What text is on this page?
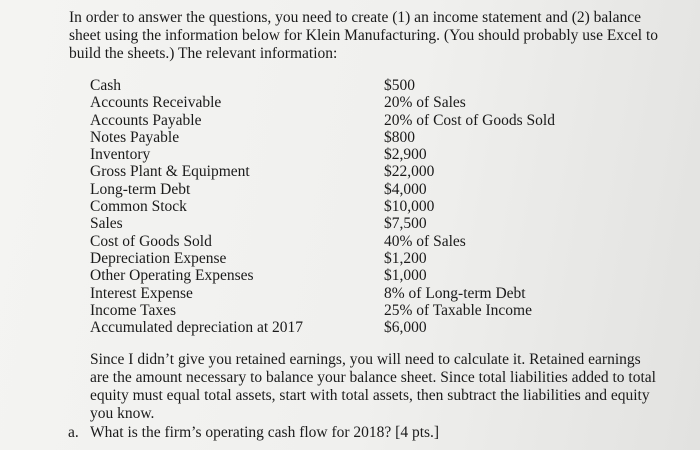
In order to answer the questions, you need to create (1) an income statement and (2) balance sheet using the information below for Klein Manufacturing. (You should probably use Excel to build the sheets.) The relevant information:

Cash	$500
Accounts Receivable	20% of Sales
Accounts Payable	20% of Cost of Goods Sold
Notes Payable	$800
Inventory	$2,900
Gross Plant & Equipment	$22,000
Long-term Debt	$4,000
Common Stock	$10,000
Sales	$7,500
Cost of Goods Sold	40% of Sales
Depreciation Expense	$1,200
Other Operating Expenses	$1,000
Interest Expense	8% of Long-term Debt
Income Taxes	25% of Taxable Income
Accumulated depreciation at 2017	$6,000

Since I didn’t give you retained earnings, you will need to calculate it. Retained earnings are the amount necessary to balance your balance sheet. Since total liabilities added to total equity must equal total assets, start with total assets, then subtract the liabilities and equity you know.

a. What is the firm’s operating cash flow for 2018? [4 pts.]
